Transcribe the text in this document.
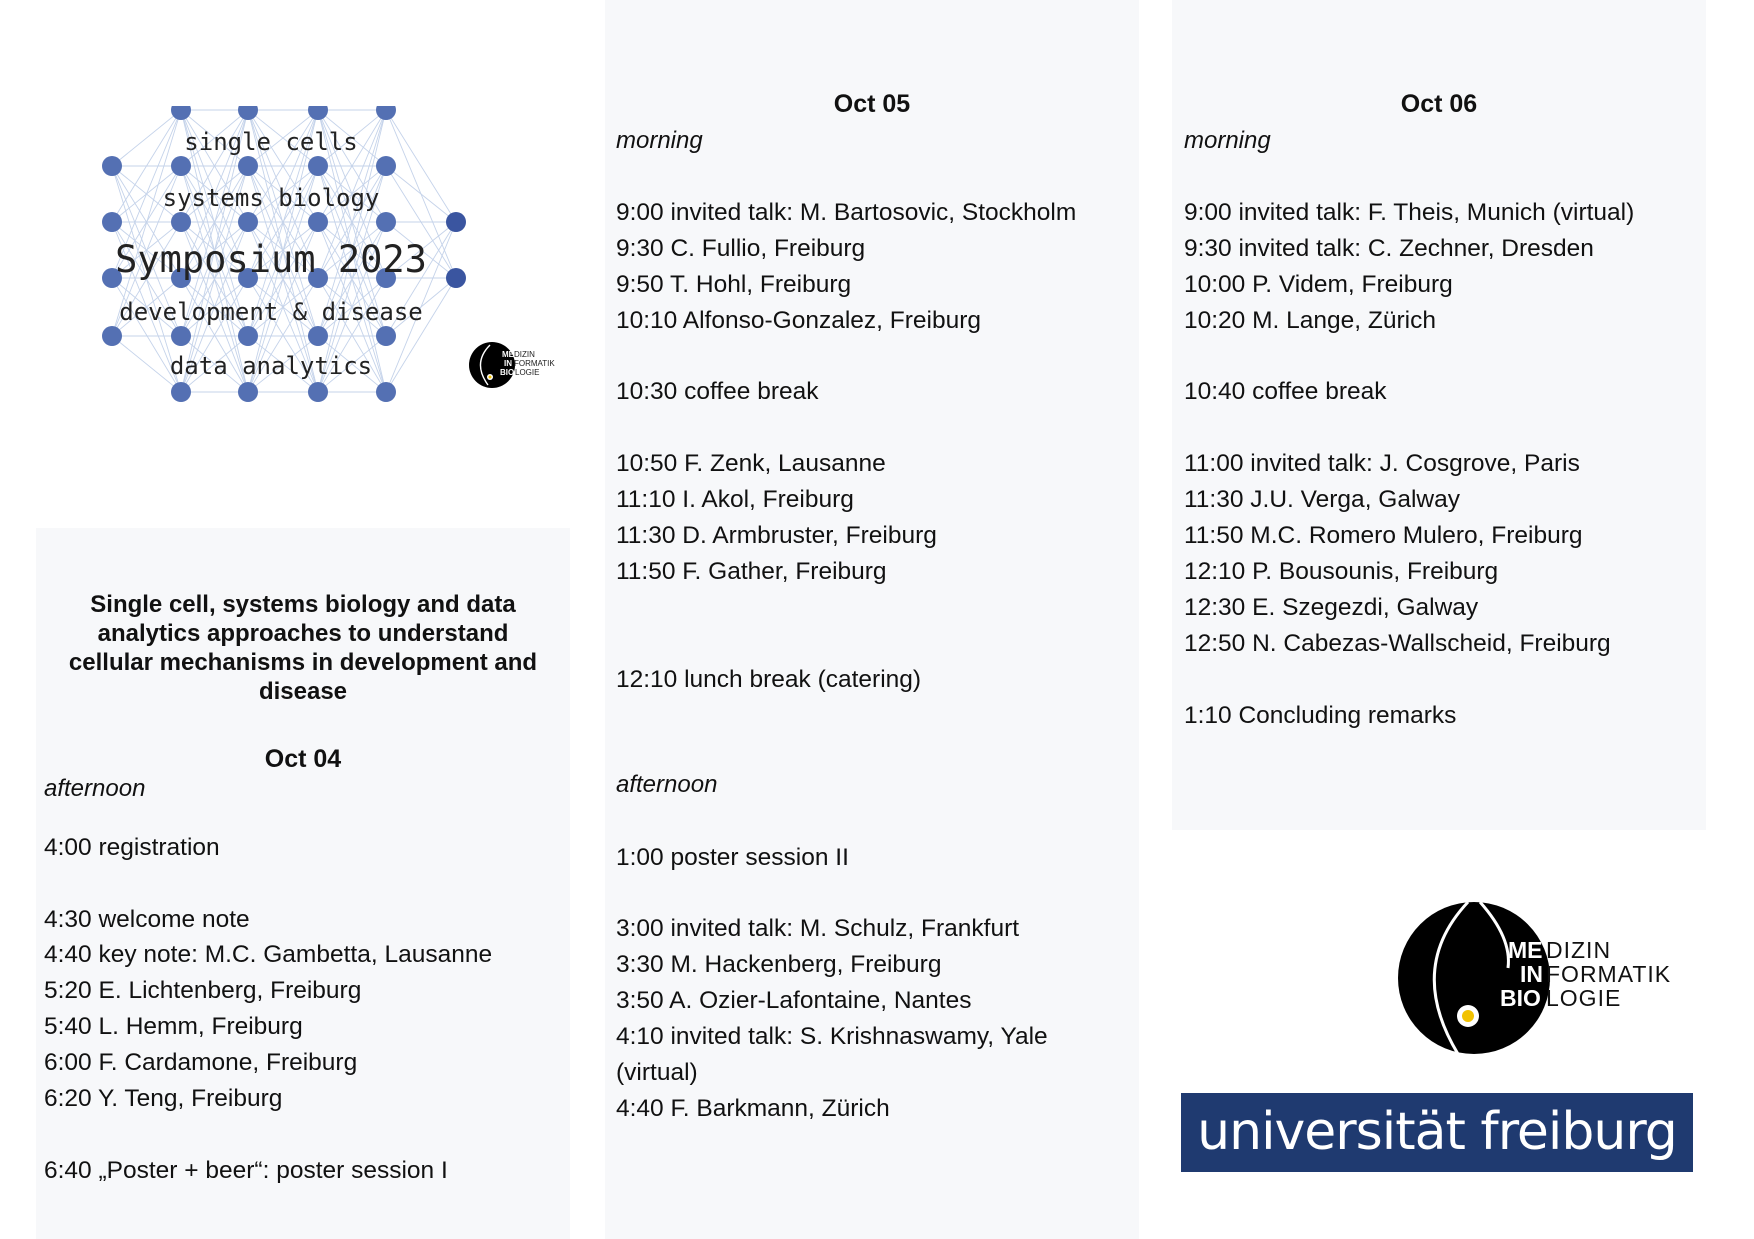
single cells
systems biology
Symposium 2023
development & disease
data analytics	ME DIZIN
IN FORMATIK
BIO LOGIE
Single cell, systems biology and data analytics approaches to understand cellular mechanisms in development and disease
Oct 04
afternoon
4:00 registration
4:30 welcome note
4:40 key note: M.C. Gambetta, Lausanne
5:20 E. Lichtenberg, Freiburg
5:40 L. Hemm, Freiburg
6:00 F. Cardamone, Freiburg
6:20 Y. Teng, Freiburg
6:40 „Poster + beer“: poster session I
Oct 05
morning
9:00 invited talk: M. Bartosovic, Stockholm
9:30 C. Fullio, Freiburg
9:50 T. Hohl, Freiburg
10:10 Alfonso-Gonzalez, Freiburg
10:30 coffee break
10:50 F. Zenk, Lausanne
11:10 I. Akol, Freiburg
11:30 D. Armbruster, Freiburg
11:50 F. Gather, Freiburg
12:10 lunch break (catering)
afternoon
1:00 poster session II
3:00 invited talk: M. Schulz, Frankfurt
3:30 M. Hackenberg, Freiburg
3:50 A. Ozier-Lafontaine, Nantes
4:10 invited talk: S. Krishnaswamy, Yale
(virtual)
4:40 F. Barkmann, Zürich
Oct 06
morning
9:00 invited talk: F. Theis, Munich (virtual)
9:30 invited talk: C. Zechner, Dresden
10:00 P. Videm, Freiburg
10:20 M. Lange, Zürich
10:40 coffee break
11:00 invited talk: J. Cosgrove, Paris
11:30 J.U. Verga, Galway
11:50 M.C. Romero Mulero, Freiburg
12:10 P. Bousounis, Freiburg
12:30 E. Szegezdi, Galway
12:50 N. Cabezas-Wallscheid, Freiburg
1:10 Concluding remarks
ME DIZIN
IN FORMATIK
BIO LOGIE
universität freiburg
